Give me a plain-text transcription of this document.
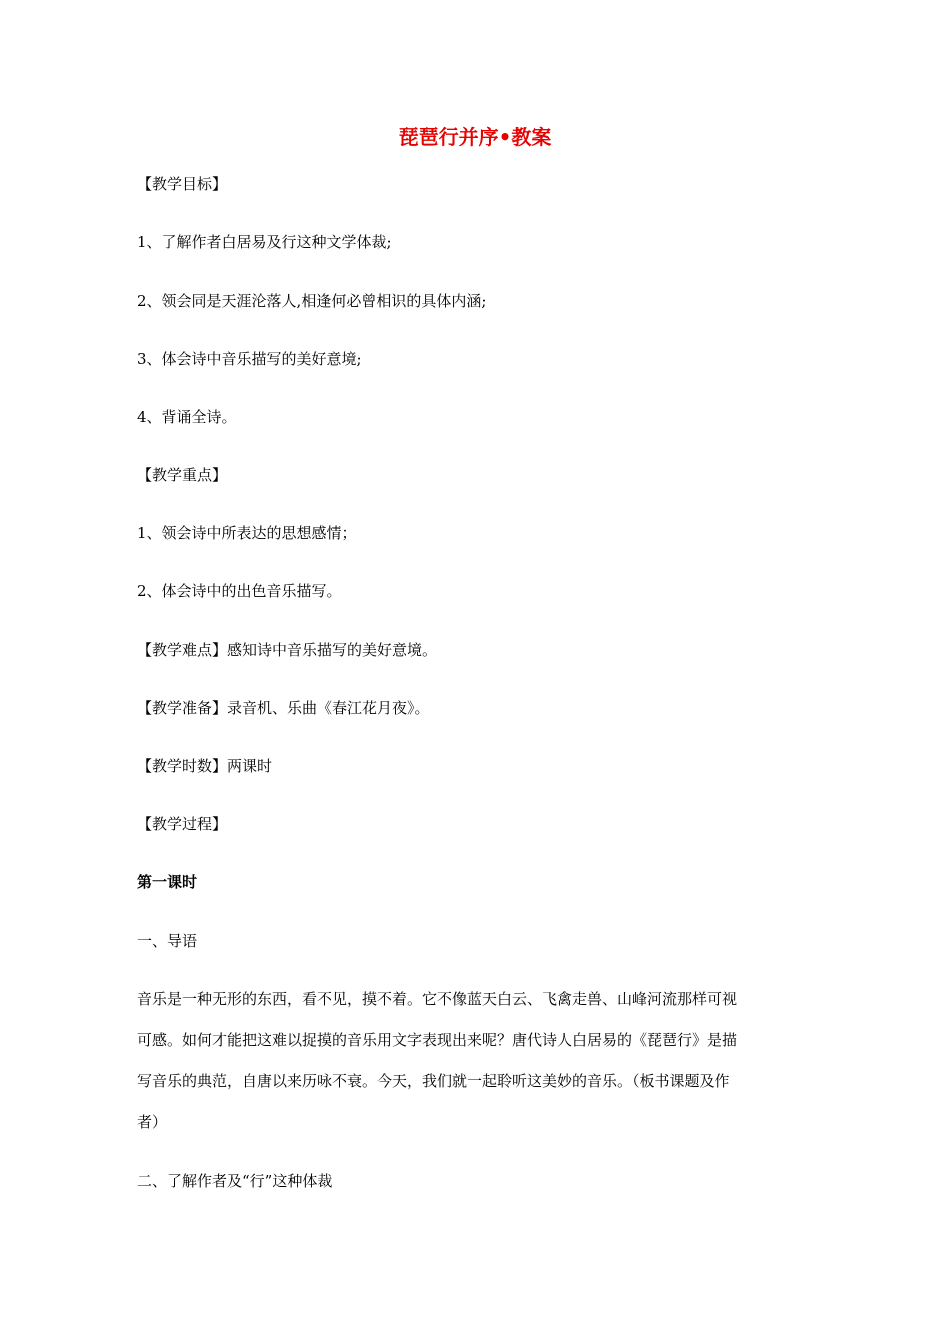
琵琶行并序•教案
【教学目标】
1、了解作者白居易及行这种文学体裁;
2、领会同是天涯沦落人,相逢何必曾相识的具体内涵;
3、体会诗中音乐描写的美好意境;
4、背诵全诗。
【教学重点】
1、领会诗中所表达的思想感情；
2、体会诗中的出色音乐描写。
【教学难点】感知诗中音乐描写的美好意境。
【教学准备】录音机、乐曲《春江花月夜》。
【教学时数】两课时
【教学过程】
第一课时
一、导语
音乐是一种无形的东西，看不见，摸不着。它不像蓝天白云、飞禽走兽、山峰河流那样可视
可感。如何才能把这难以捉摸的音乐用文字表现出来呢？唐代诗人白居易的《琵琶行》是描
写音乐的典范，自唐以来历咏不衰。今天，我们就一起聆听这美妙的音乐。（板书课题及作
者）
二、了解作者及“行”这种体裁
